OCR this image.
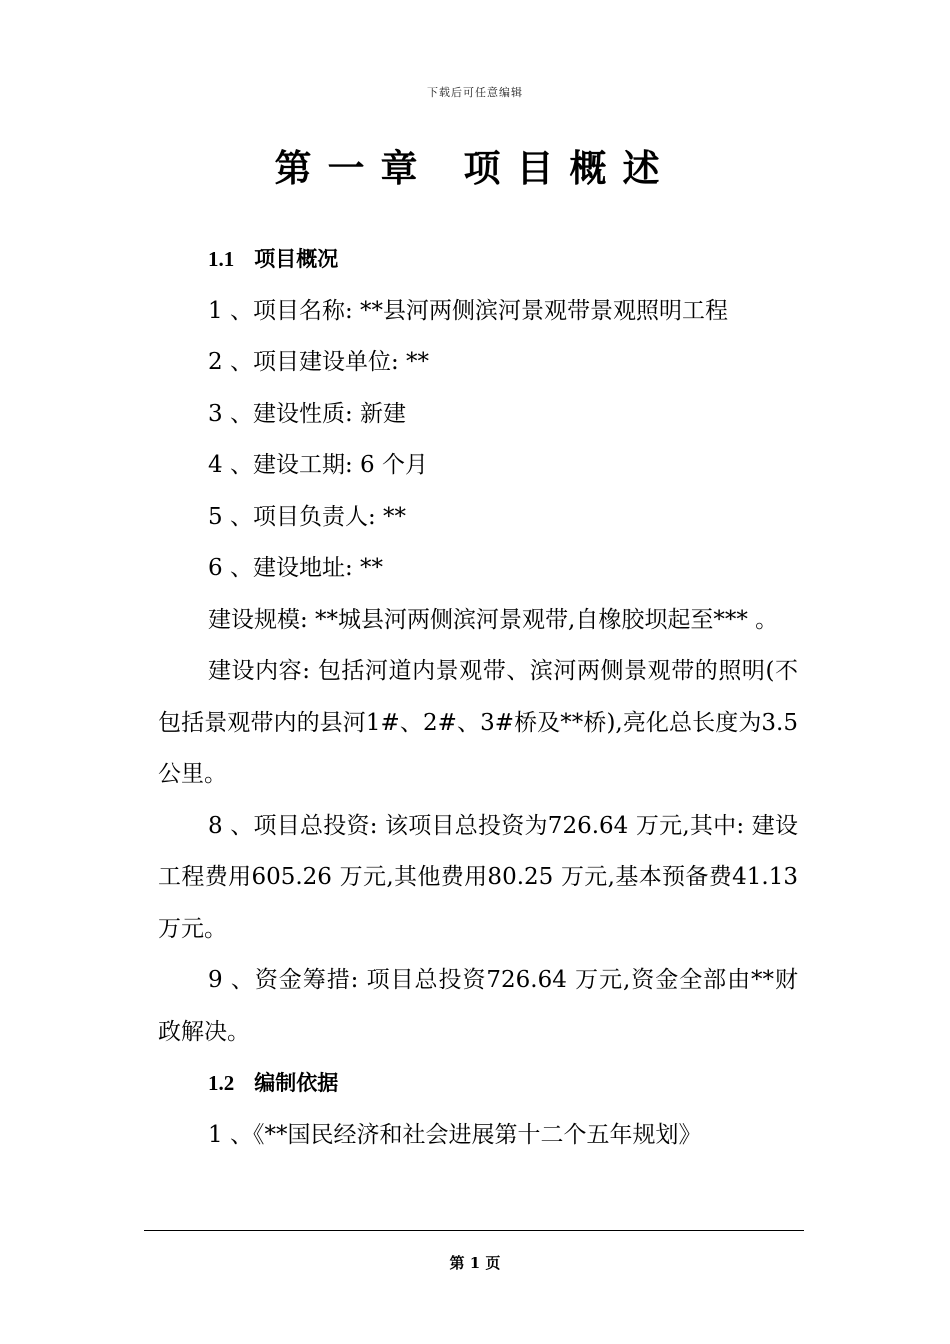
下载后可任意编辑
第一章 项目概述

1.1 项目概况

1 、项目名称: **县河两侧滨河景观带景观照明工程

2 、项目建设单位: **

3 、建设性质: 新建

4 、建设工期: 6 个月

5 、项目负责人: **

6 、建设地址: **

建设规模: **城县河两侧滨河景观带,自橡胶坝起至*** 。

建设内容: 包括河道内景观带、滨河两侧景观带的照明(不包括景观带内的县河1#、2#、3#桥及**桥),亮化总长度为3.5 公里。

8 、项目总投资: 该项目总投资为726.64 万元,其中: 建设工程费用605.26 万元,其他费用80.25 万元,基本预备费41.13 万元。

9 、资金筹措: 项目总投资726.64 万元,资金全部由**财政解决。

1.2 编制依据

1 、《**国民经济和社会进展第十二个五年规划》

第 1 页
